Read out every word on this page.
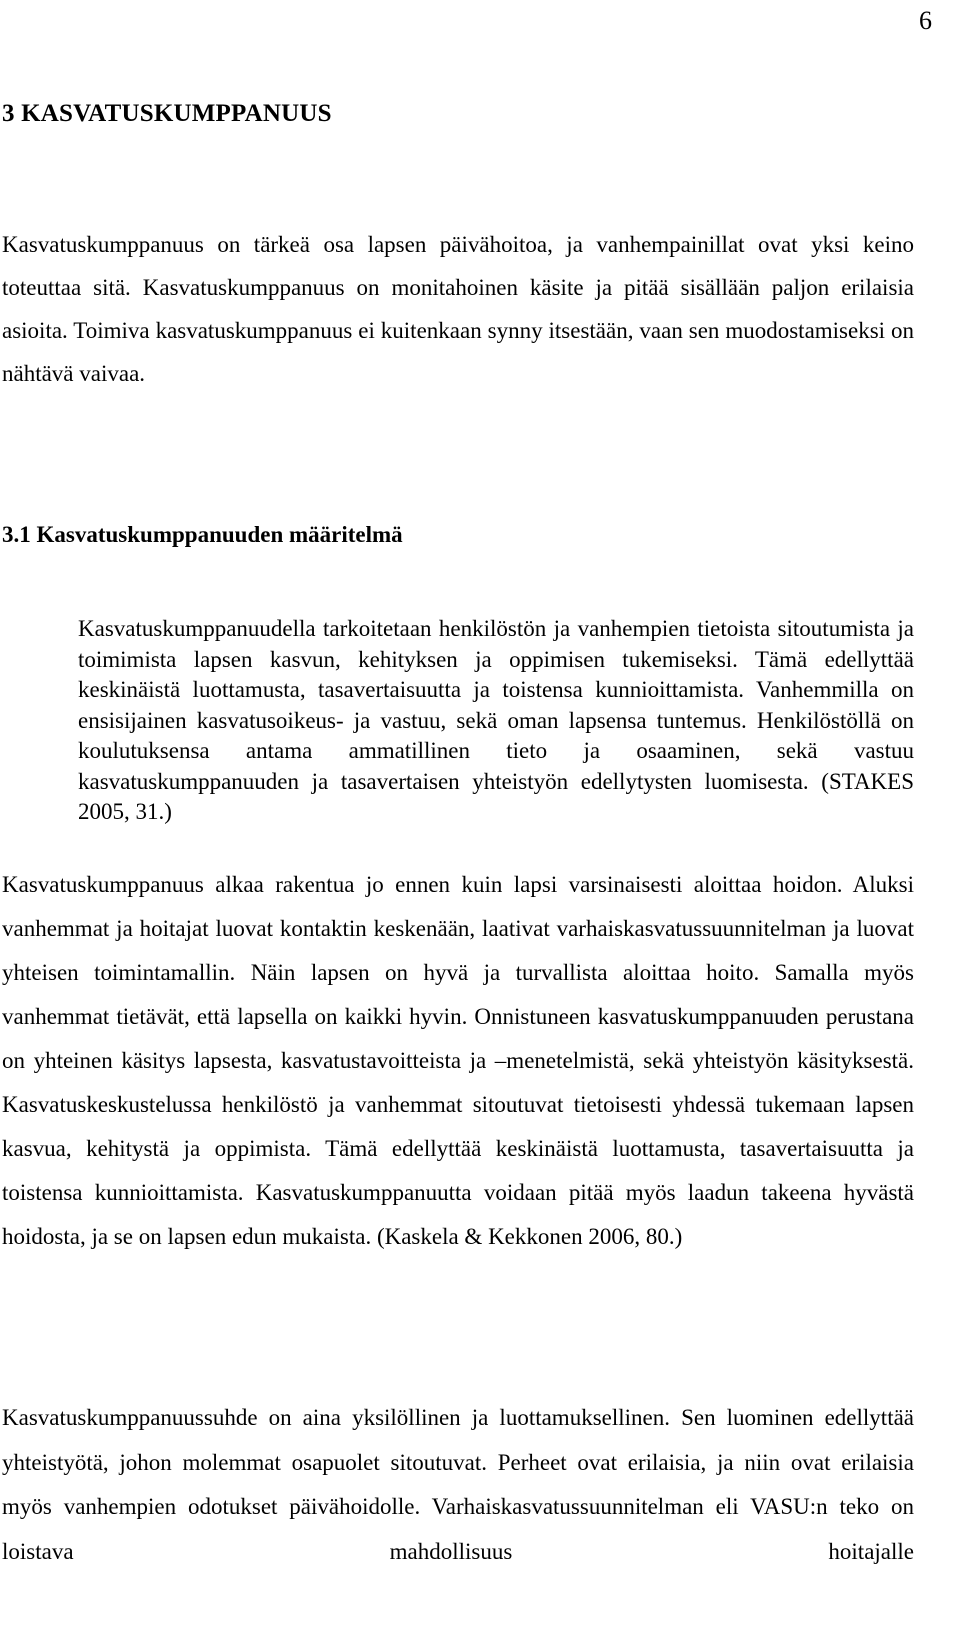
6
3 KASVATUSKUMPPANUUS

Kasvatuskumppanuus on tärkeä osa lapsen päivähoitoa, ja vanhempainillat ovat yksi keino toteuttaa sitä. Kasvatuskumppanuus on monitahoinen käsite ja pitää sisällään paljon erilaisia asioita. Toimiva kasvatuskumppanuus ei kuitenkaan synny itsestään, vaan sen muodostamiseksi on nähtävä vaivaa.

3.1 Kasvatuskumppanuuden määritelmä

Kasvatuskumppanuudella tarkoitetaan henkilöstön ja vanhempien tietoista sitoutumista ja toimimista lapsen kasvun, kehityksen ja oppimisen tukemiseksi. Tämä edellyttää keskinäistä luottamusta, tasavertaisuutta ja toistensa kunnioittamista. Vanhemmilla on ensisijainen kasvatusoikeus- ja vastuu, sekä oman lapsensa tuntemus. Henkilöstöllä on koulutuksensa antama ammatillinen tieto ja osaaminen, sekä vastuu kasvatuskumppanuuden ja tasavertaisen yhteistyön edellytysten luomisesta. (STAKES 2005, 31.)

Kasvatuskumppanuus alkaa rakentua jo ennen kuin lapsi varsinaisesti aloittaa hoidon. Aluksi vanhemmat ja hoitajat luovat kontaktin keskenään, laativat varhaiskasvatussuunnitelman ja luovat yhteisen toimintamallin. Näin lapsen on hyvä ja turvallista aloittaa hoito. Samalla myös vanhemmat tietävät, että lapsella on kaikki hyvin. Onnistuneen kasvatuskumppanuuden perustana on yhteinen käsitys lapsesta, kasvatustavoitteista ja –menetelmistä, sekä yhteistyön käsityksestä. Kasvatuskeskustelussa henkilöstö ja vanhemmat sitoutuvat tietoisesti yhdessä tukemaan lapsen kasvua, kehitystä ja oppimista. Tämä edellyttää keskinäistä luottamusta, tasavertaisuutta ja toistensa kunnioittamista. Kasvatuskumppanuutta voidaan pitää myös laadun takeena hyvästä hoidosta, ja se on lapsen edun mukaista. (Kaskela & Kekkonen 2006, 80.)

Kasvatuskumppanuussuhde on aina yksilöllinen ja luottamuksellinen. Sen luominen edellyttää yhteistyötä, johon molemmat osapuolet sitoutuvat. Perheet ovat erilaisia, ja niin ovat erilaisia myös vanhempien odotukset päivähoidolle. Varhaiskasvatussuunnitelman eli VASU:n teko on loistava mahdollisuus hoitajalle
